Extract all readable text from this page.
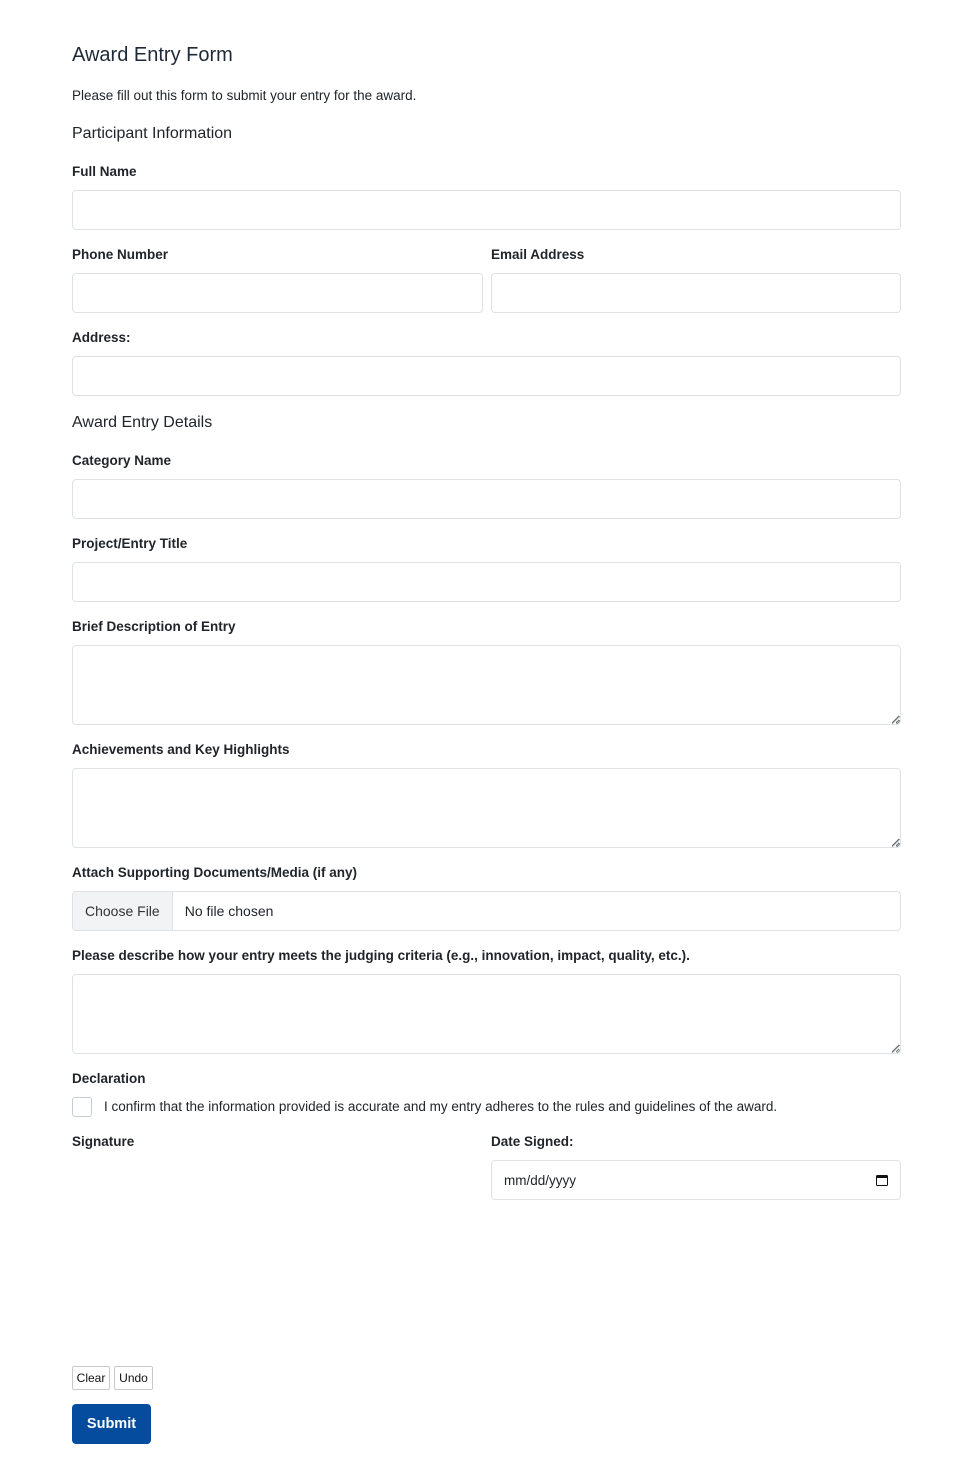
Award Entry Form
Please fill out this form to submit your entry for the award.
Participant Information
Full Name
Phone Number	Email Address
Address:
Award Entry Details
Category Name
Project/Entry Title
Brief Description of Entry
Achievements and Key Highlights
Attach Supporting Documents/Media (if any)
Choose File	No file chosen
Please describe how your entry meets the judging criteria (e.g., innovation, impact, quality, etc.).
Declaration
I confirm that the information provided is accurate and my entry adheres to the rules and guidelines of the award.
Signature	Date Signed:
mm/dd/yyyy
Clear	Undo
Submit
